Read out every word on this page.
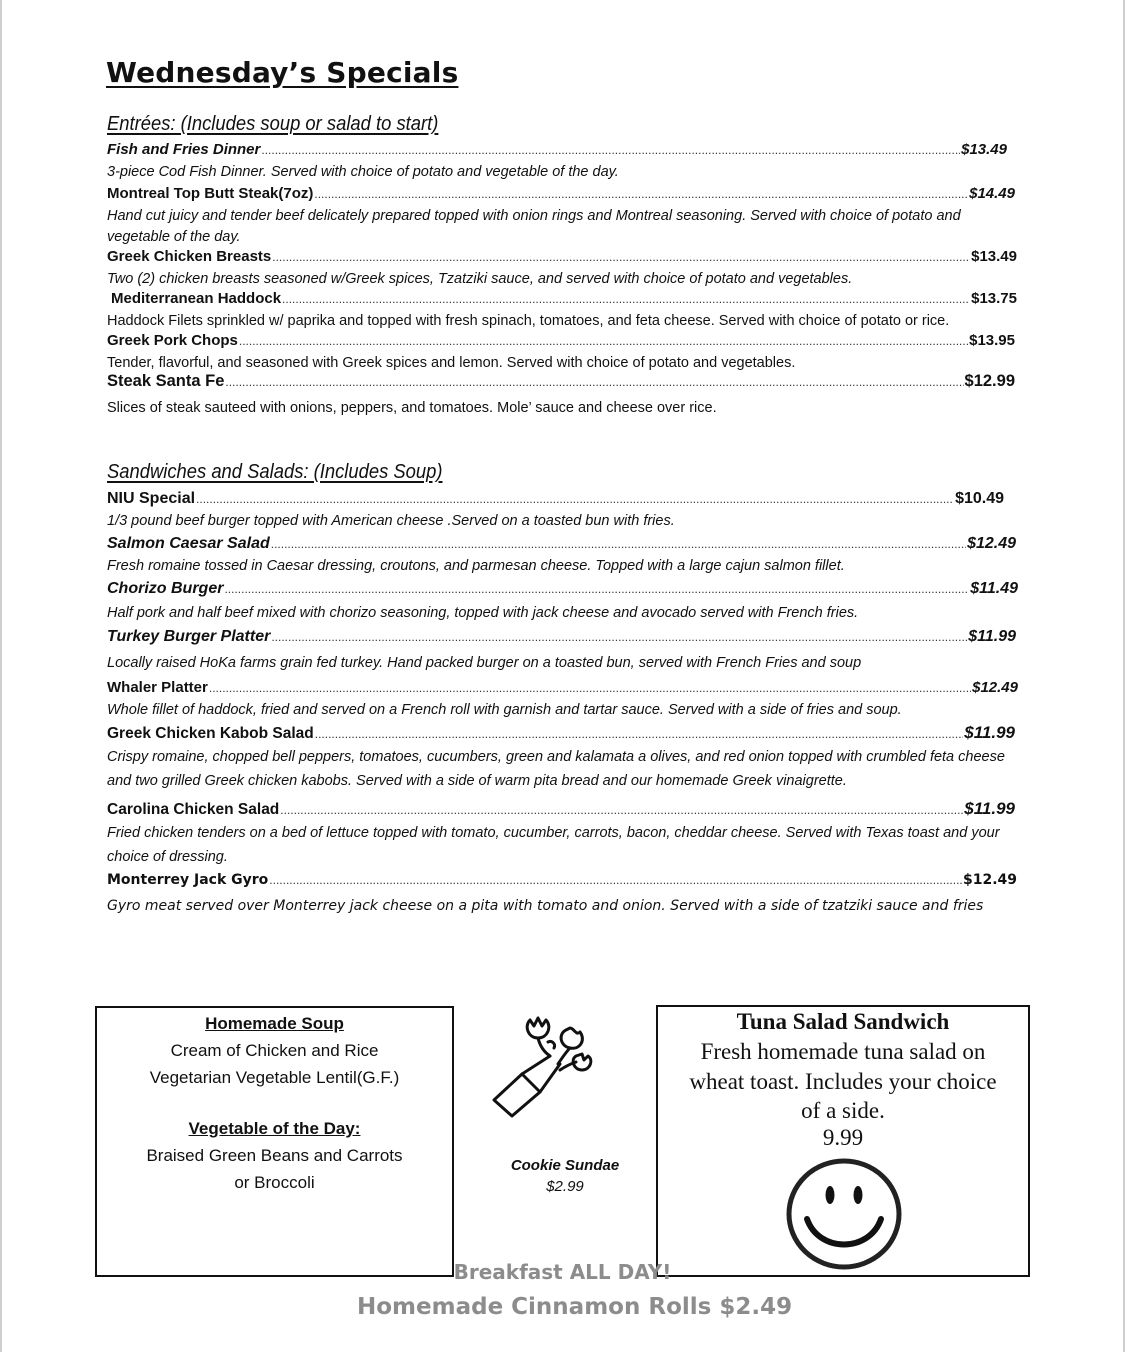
Wednesday’s Specials
Entrées: (Includes soup or salad to start)
Fish and Fries Dinner .....	$13.49
3-piece Cod Fish Dinner. Served with choice of potato and vegetable of the day.
Montreal Top Butt Steak(7oz) .....	$14.49
Hand cut juicy and tender beef delicately prepared topped with onion rings and Montreal seasoning. Served with choice of potato and vegetable of the day.
Greek Chicken Breasts .....	$13.49
Two (2) chicken breasts seasoned w/Greek spices, Tzatziki sauce, and served with choice of potato and vegetables.
Mediterranean Haddock .....	$13.75
Haddock Filets sprinkled w/ paprika and topped with fresh spinach, tomatoes, and feta cheese. Served with choice of potato or rice.
Greek Pork Chops .....	$13.95
Tender, flavorful, and seasoned with Greek spices and lemon. Served with choice of potato and vegetables.
Steak Santa Fe .....	$12.99
Slices of steak sauteed with onions, peppers, and tomatoes. Mole’ sauce and cheese over rice.
Sandwiches and Salads: (Includes Soup)
NIU Special .....	$10.49
1/3 pound beef burger topped with American cheese .Served on a toasted bun with fries.
Salmon Caesar Salad .....	$12.49
Fresh romaine tossed in Caesar dressing, croutons, and parmesan cheese. Topped with a large cajun salmon fillet.
Chorizo Burger .....	$11.49
Half pork and half beef mixed with chorizo seasoning, topped with jack cheese and avocado served with French fries.
Turkey Burger Platter .....	$11.99
Locally raised HoKa farms grain fed turkey. Hand packed burger on a toasted bun, served with French Fries and soup
Whaler Platter .....	$12.49
Whole fillet of haddock, fried and served on a French roll with garnish and tartar sauce. Served with a side of fries and soup.
Greek Chicken Kabob Salad .....	$11.99
Crispy romaine, chopped bell peppers, tomatoes, cucumbers, green and kalamata a olives, and red onion topped with crumbled feta cheese and two grilled Greek chicken kabobs. Served with a side of warm pita bread and our homemade Greek vinaigrette.
Carolina Chicken Salad .....	$11.99
Fried chicken tenders on a bed of lettuce topped with tomato, cucumber, carrots, bacon, cheddar cheese. Served with Texas toast and your choice of dressing.
Monterrey Jack Gyro .....	$12.49
Gyro meat served over Monterrey jack cheese on a pita with tomato and onion. Served with a side of tzatziki sauce and fries
Homemade Soup
Cream of Chicken and Rice
Vegetarian Vegetable Lentil(G.F.)
Vegetable of the Day:
Braised Green Beans and Carrots
or Broccoli
Cookie Sundae
$2.99
Tuna Salad Sandwich
Fresh homemade tuna salad on
wheat toast. Includes your choice
of a side.
9.99
Breakfast ALL DAY!
Homemade Cinnamon Rolls $2.49
